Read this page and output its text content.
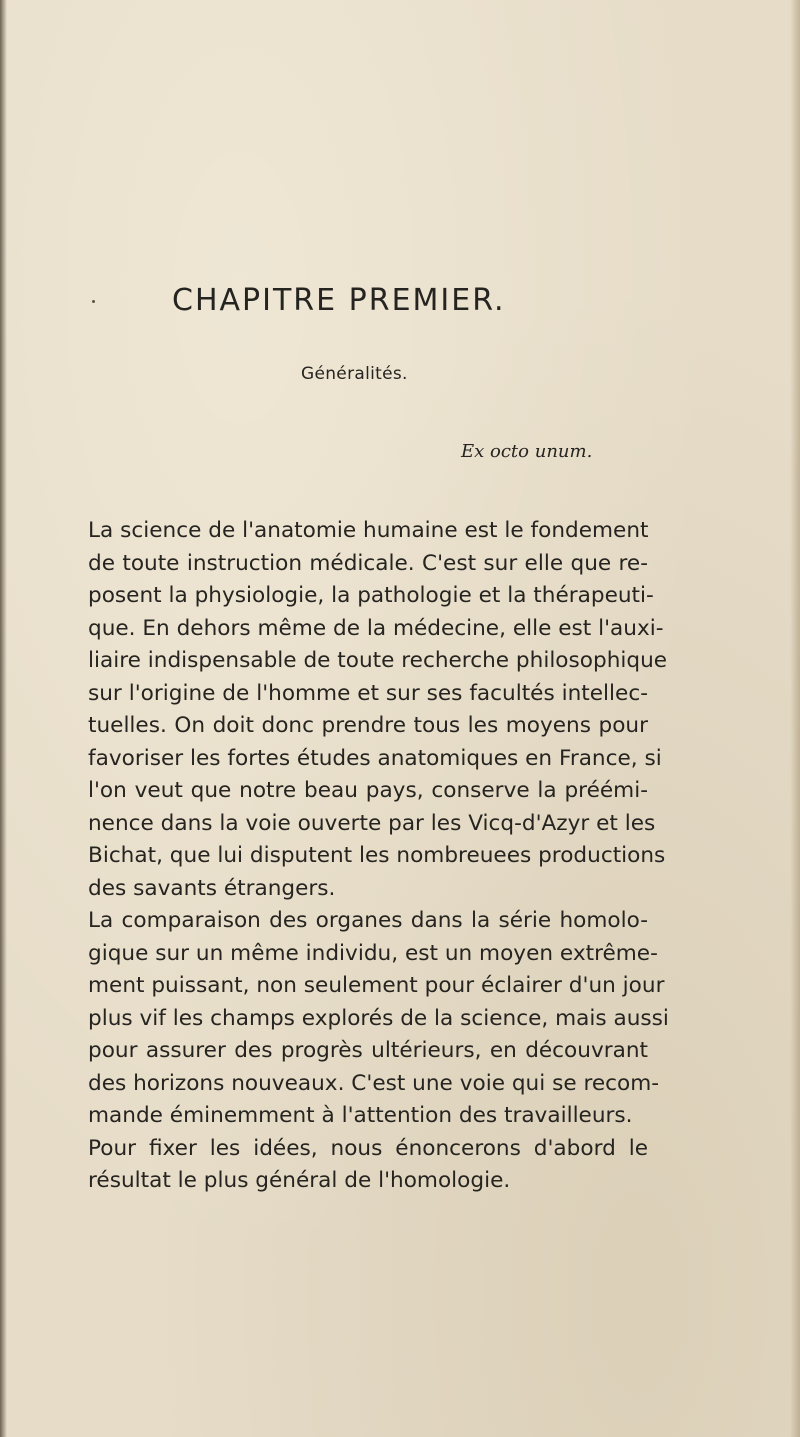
CHAPITRE PREMIER.

Généralités.

Ex octo unum.

La science de l'anatomie humaine est le fondement
de toute instruction médicale. C'est sur elle que re-
posent la physiologie, la pathologie et la thérapeuti-
que. En dehors même de la médecine, elle est l'auxi-
liaire indispensable de toute recherche philosophique
sur l'origine de l'homme et sur ses facultés intellec-
tuelles. On doit donc prendre tous les moyens pour
favoriser les fortes études anatomiques en France, si
l'on veut que notre beau pays, conserve la préémi-
nence dans la voie ouverte par les Vicq-d'Azyr et les
Bichat, que lui disputent les nombreuees productions
des savants étrangers.

La comparaison des organes dans la série homolo-
gique sur un même individu, est un moyen extrême-
ment puissant, non seulement pour éclairer d'un jour
plus vif les champs explorés de la science, mais aussi
pour assurer des progrès ultérieurs, en découvrant
des horizons nouveaux. C'est une voie qui se recom-
mande éminemment à l'attention des travailleurs.

Pour fixer les idées, nous énoncerons d'abord le
résultat le plus général de l'homologie.
